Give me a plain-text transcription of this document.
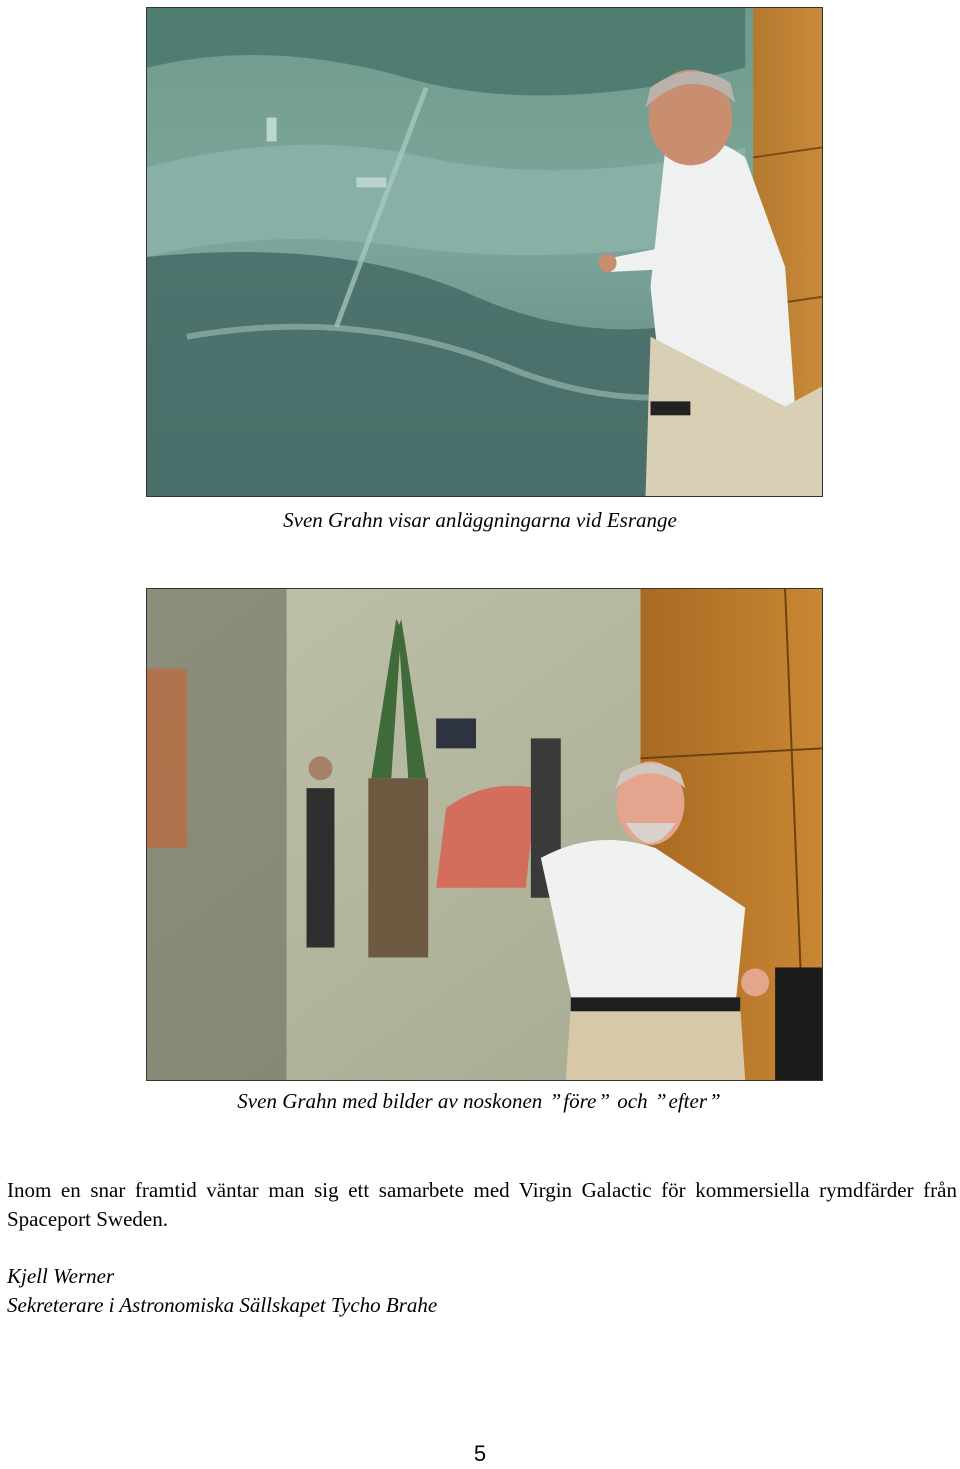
Sven Grahn visar anläggningarna vid Esrange
Sven Grahn med bilder av noskonen ”före” och ”efter”
Inom en snar framtid väntar man sig ett samarbete med Virgin Galactic för kommersiella rymdfärder från Spaceport Sweden.
Kjell Werner
Sekreterare i Astronomiska Sällskapet Tycho Brahe
5
